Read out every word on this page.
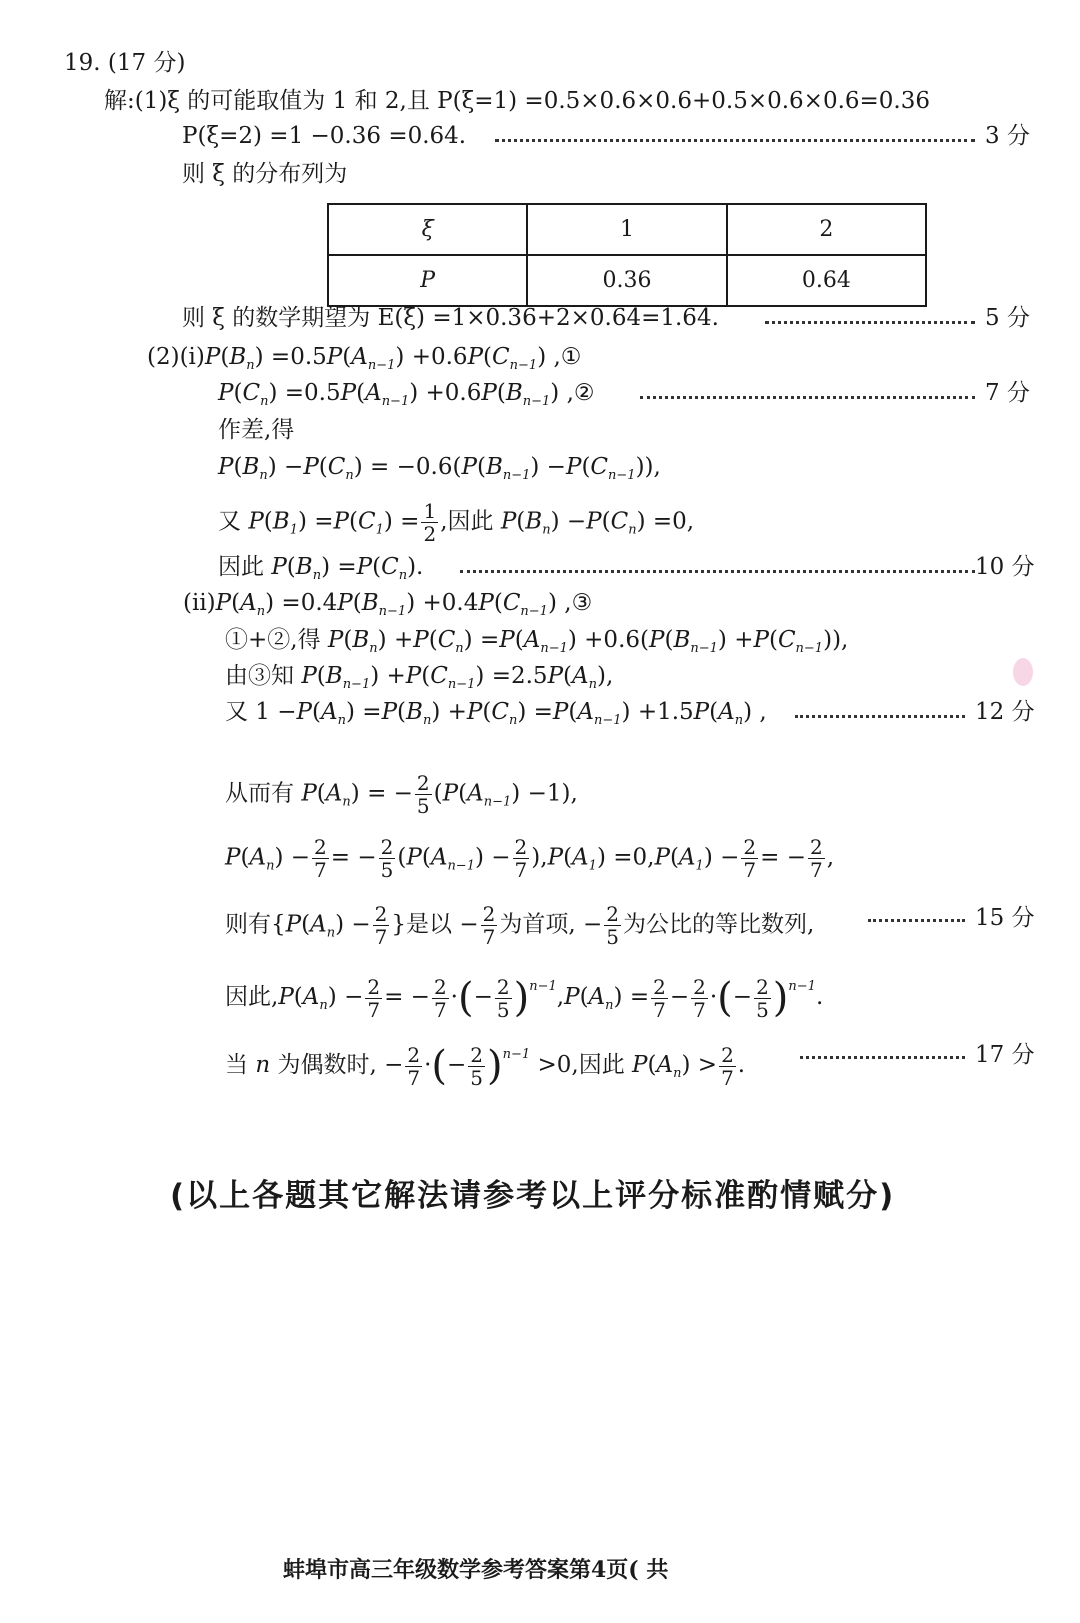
19. (17 分)
解:(1)ξ 的可能取值为 1 和 2,且 P(ξ=1) =0.5×0.6×0.6+0.5×0.6×0.6=0.36
P(ξ=2) =1 −0.36 =0.64.	3 分
则 ξ 的分布列为
ξ	1	2
P	0.36	0.64
则 ξ 的数学期望为 E(ξ) =1×0.36+2×0.64=1.64.	5 分
$(2)(i)P(B_n) =0.5P(A_{n-1}) +0.6P(C_{n-1})$ ,①
$P(C_n) =0.5P(A_{n-1}) +0.6P(B_{n-1})$ ,②	7 分
作差,得
$P(B_n) -P(C_n) = -0.6(P(B_{n-1}) -P(C_{n-1}))$,
又 $P(B_1) =P(C_1) = \frac{1}{2}$ ,因此 $P(B_n) -P(C_n) =0$,
因此 $P(B_n) =P(C_n)$.	10 分
$(ii)P(A_n) =0.4P(B_{n-1}) +0.4P(C_{n-1})$ ,③
①+②,得 $P(B_n) +P(C_n) =P(A_{n-1}) +0.6(P(B_{n-1}) +P(C_{n-1}))$,
由③知 $P(B_{n-1}) +P(C_{n-1}) =2.5P(A_n)$,
又 $1 -P(A_n) =P(B_n) +P(C_n) =P(A_{n-1}) +1.5P(A_n)$ ,	12 分
从而有 $P(A_n)$ = − $\frac{2}{5} (P(A_{n-1}) -1)$,
$P(A_n) - \frac{2}{7}$ = − $\frac{2}{5} (P(A_{n-1}) - \frac{2}{7} ),P(A_1) =0,P(A_1) - \frac{2}{7}$ = − $\frac{2}{7}$ ,
则有{$P(A_n) - \frac{2}{7}$ }是以 − $\frac{2}{7}$ 为首项, − $\frac{2}{5}$ 为公比的等比数列,	15 分
因此$,P(A_n) - \frac{2}{7}$ = − $\frac{2}{7}$ ·(− $\frac{2}{5} )^{n-1},P(A_n) = \frac{2}{7} - \frac{2}{7}$ ·(− $\frac{2}{5} )^{n-1}$.
当 n 为偶数时, − $\frac{2}{7}$ ·(− $\frac{2}{5} )^{n-1} >0$,因此 $P(A_n) > \frac{2}{7}$ .	17 分
(以上各题其它解法请参考以上评分标准酌情赋分)
蚌埠市高三年级数学参考答案第4页( 共
